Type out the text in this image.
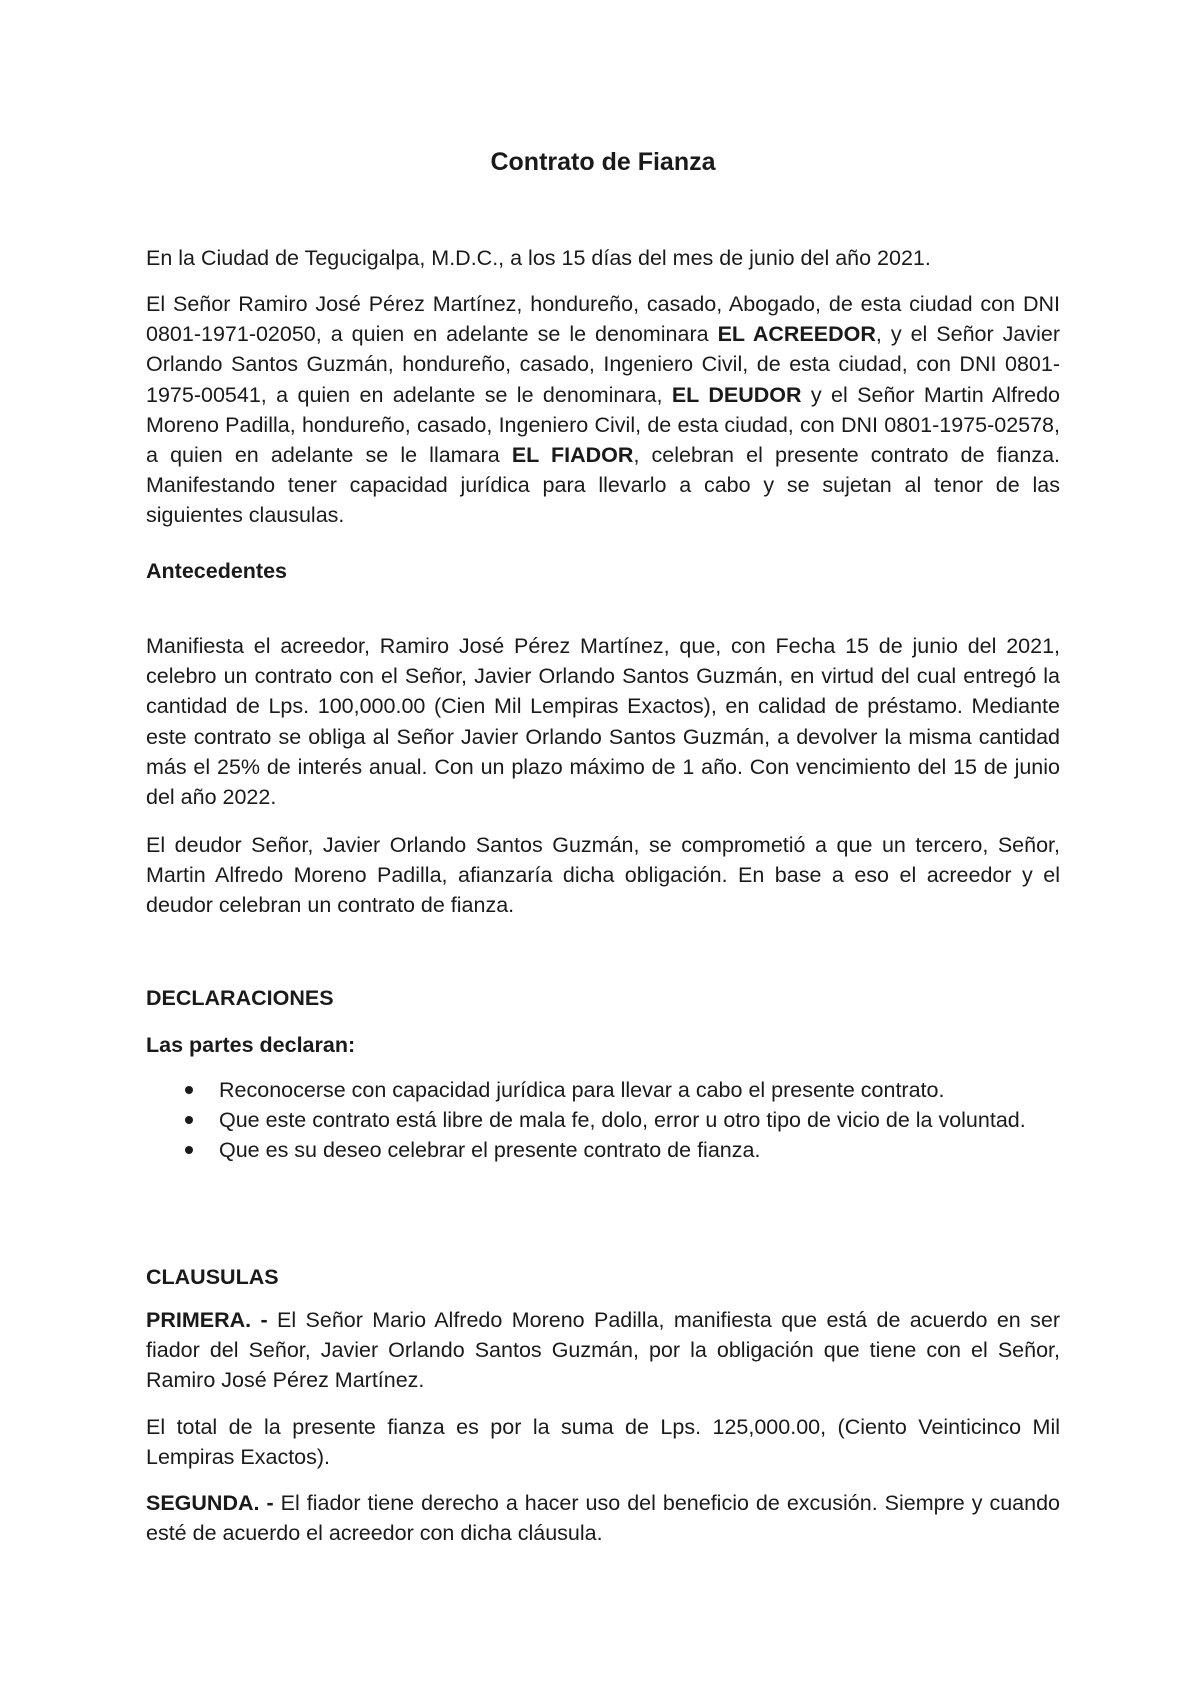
Contrato de Fianza

En la Ciudad de Tegucigalpa, M.D.C., a los 15 días del mes de junio del año 2021.

El Señor Ramiro José Pérez Martínez, hondureño, casado, Abogado, de esta ciudad con DNI 0801-1971-02050, a quien en adelante se le denominara EL ACREEDOR, y el Señor Javier Orlando Santos Guzmán, hondureño, casado, Ingeniero Civil, de esta ciudad, con DNI 0801-1975-00541, a quien en adelante se le denominara, EL DEUDOR y el Señor Martin Alfredo Moreno Padilla, hondureño, casado, Ingeniero Civil, de esta ciudad, con DNI 0801-1975-02578, a quien en adelante se le llamara EL FIADOR, celebran el presente contrato de fianza. Manifestando tener capacidad jurídica para llevarlo a cabo y se sujetan al tenor de las siguientes clausulas.

Antecedentes

Manifiesta el acreedor, Ramiro José Pérez Martínez, que, con Fecha 15 de junio del 2021, celebro un contrato con el Señor, Javier Orlando Santos Guzmán, en virtud del cual entregó la cantidad de Lps. 100,000.00 (Cien Mil Lempiras Exactos), en calidad de préstamo. Mediante este contrato se obliga al Señor Javier Orlando Santos Guzmán, a devolver la misma cantidad más el 25% de interés anual. Con un plazo máximo de 1 año. Con vencimiento del 15 de junio del año 2022.

El deudor Señor, Javier Orlando Santos Guzmán, se comprometió a que un tercero, Señor, Martin Alfredo Moreno Padilla, afianzaría dicha obligación. En base a eso el acreedor y el deudor celebran un contrato de fianza.

DECLARACIONES

Las partes declaran:

Reconocerse con capacidad jurídica para llevar a cabo el presente contrato.
Que este contrato está libre de mala fe, dolo, error u otro tipo de vicio de la voluntad.
Que es su deseo celebrar el presente contrato de fianza.

CLAUSULAS

PRIMERA. - El Señor Mario Alfredo Moreno Padilla, manifiesta que está de acuerdo en ser fiador del Señor, Javier Orlando Santos Guzmán, por la obligación que tiene con el Señor, Ramiro José Pérez Martínez.

El total de la presente fianza es por la suma de Lps. 125,000.00, (Ciento Veinticinco Mil Lempiras Exactos).

SEGUNDA. - El fiador tiene derecho a hacer uso del beneficio de excusión. Siempre y cuando esté de acuerdo el acreedor con dicha cláusula.
